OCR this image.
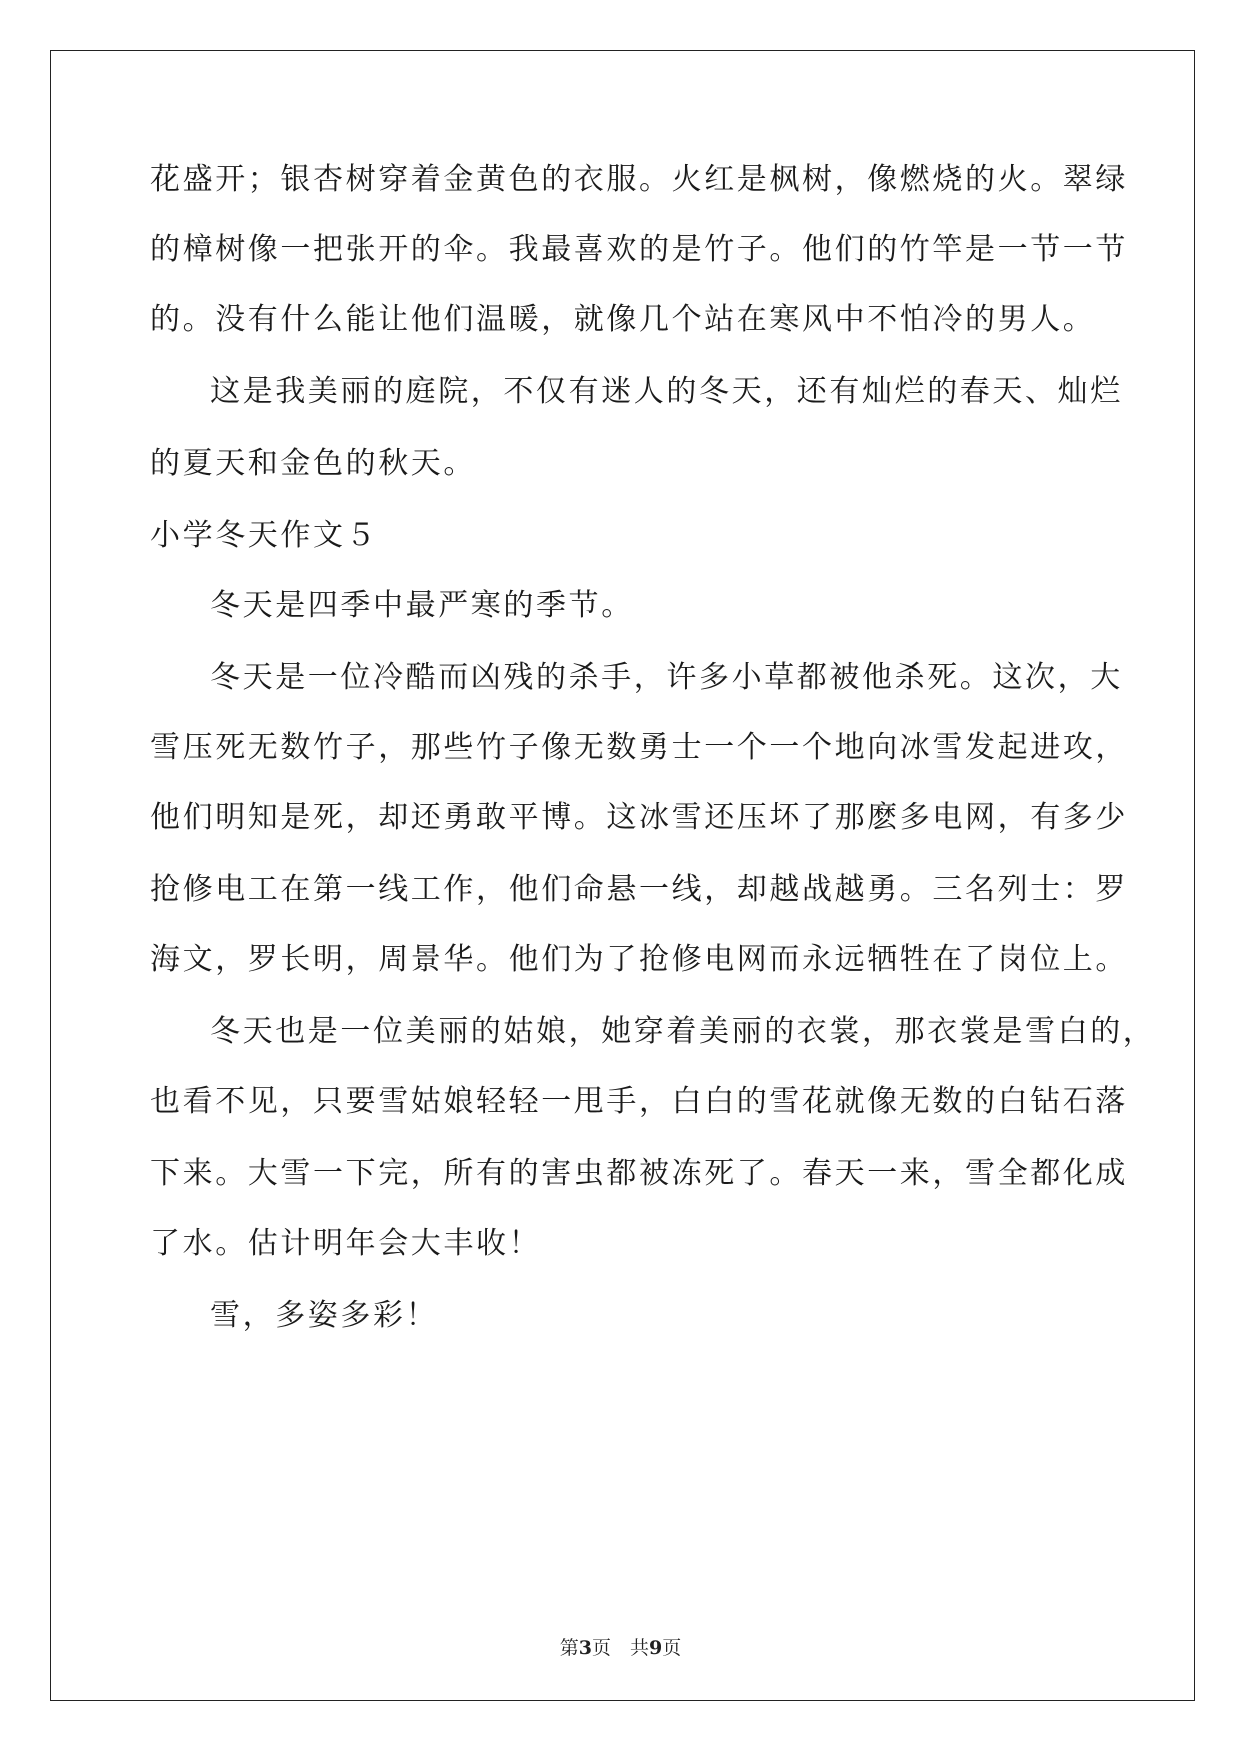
花盛开；银杏树穿着金黄色的衣服。火红是枫树，像燃烧的火。翠绿
的樟树像一把张开的伞。我最喜欢的是竹子。他们的竹竿是一节一节
的。没有什么能让他们温暖，就像几个站在寒风中不怕冷的男人。
这是我美丽的庭院，不仅有迷人的冬天，还有灿烂的春天、灿烂
的夏天和金色的秋天。
小学冬天作文５
冬天是四季中最严寒的季节。
冬天是一位冷酷而凶残的杀手，许多小草都被他杀死。这次，大
雪压死无数竹子，那些竹子像无数勇士一个一个地向冰雪发起进攻，
他们明知是死，却还勇敢平博。这冰雪还压坏了那麽多电网，有多少
抢修电工在第一线工作，他们命悬一线，却越战越勇。三名列士：罗
海文，罗长明，周景华。他们为了抢修电网而永远牺牲在了岗位上。
冬天也是一位美丽的姑娘，她穿着美丽的衣裳，那衣裳是雪白的，
也看不见，只要雪姑娘轻轻一甩手，白白的雪花就像无数的白钻石落
下来。大雪一下完，所有的害虫都被冻死了。春天一来，雪全都化成
了水。估计明年会大丰收！
雪，多姿多彩！
第3页　共9页
